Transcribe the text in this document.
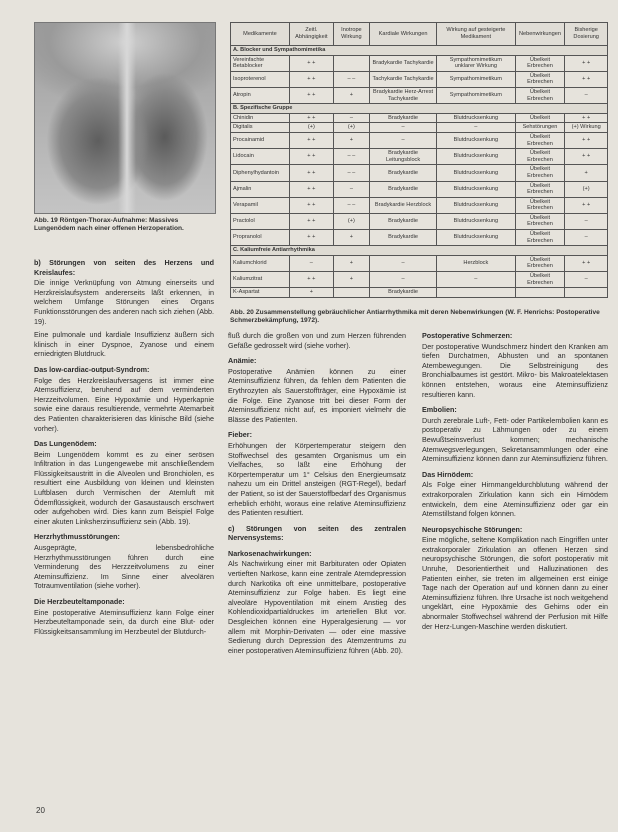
Abb. 19 Röntgen-Thorax-Aufnahme: Massives Lungenödem nach einer offenen Herzoperation.
Medikamente	Zeitl. Abhängigkeit	Inotrope Wirkung	Kardiale Wirkungen	Wirkung auf gesteigerte Medikament	Nebenwirkungen	Bisherige Dosierung
A. Blocker und Sympathomimetika						
Vereinfachte Betablocker	+ +		Bradykardie Tachykardie	Sympathomimetikum unklarer Wirkung	Übelkeit Erbrechen	+ +
Isoproterenol	+ +	– –	Tachykardie Tachykardie	Sympathomimetikum	Übelkeit Erbrechen	+ +
Atropin	+ +	+	Bradykardie Herz-Arrest Tachykardie	Sympathomimetikum	Übelkeit Erbrechen	–
B. Spezifische Gruppe						
Chinidin	+ +	–	Bradykardie	Blutdrucksenkung	Übelkeit	+ +
Digitalis	(+)	(+)	–	–	Sehstörungen	(+) Wirkung
Procainamid	+ +	+	–	Blutdrucksenkung	Übelkeit Erbrechen	+ +
Lidocain	+ +	– –	Bradykardie Leitungsblock	Blutdrucksenkung	Übelkeit Erbrechen	+ +
Diphenylhydantoin	+ +	– –	Bradykardie	Blutdrucksenkung	Übelkeit Erbrechen	+
Ajmalin	+ +	–	Bradykardie	Blutdrucksenkung	Übelkeit Erbrechen	(+)
Verapamil	+ +	– –	Bradykardie Herzblock	Blutdrucksenkung	Übelkeit Erbrechen	+ +
Practolol	+ +	(+)	Bradykardie	Blutdrucksenkung	Übelkeit Erbrechen	–
Propranolol	+ +	+	Bradykardie	Blutdrucksenkung	Übelkeit Erbrechen	–
C. Kaliumfreie Antiarrhythmika						
Kaliumchlorid	–	+	–	Herzblock	Übelkeit Erbrechen	+ +
Kaliumzitrat	+ +	+	–	–	Übelkeit Erbrechen	–
K-Aspartat	+		Bradykardie			
Abb. 20 Zusammenstellung gebräuchlicher Antiarrhythmika mit deren Nebenwirkungen (W. F. Henrichs: Postoperative Schmerzbekämpfung, 1972).

b) Störungen von seiten des Herzens und Kreislaufes:

Die innige Verknüpfung von Atmung einerseits und Herzkreislaufsystem andererseits läßt erkennen, in welchem Umfange Störungen eines Organs Funktionsstörungen des anderen nach sich ziehen (Abb. 19).

Eine pulmonale und kardiale Insuffizienz äußern sich klinisch in einer Dyspnoe, Zyanose und einem erniedrigten Blutdruck.

Das low-cardiac-output-Syndrom:

Folge des Herzkreislaufversagens ist immer eine Atemsuffizienz, beruhend auf dem verminderten Herzzeitvolumen. Eine Hypoxämie und Hyperkapnie sowie eine daraus resultierende, vermehrte Atemarbeit des Patienten charakterisieren das klinische Bild (siehe vorher).

Das Lungenödem:

Beim Lungenödem kommt es zu einer serösen Infiltration in das Lungengewebe mit anschließendem Flüssigkeitsaustritt in die Alveolen und Bronchiolen, es resultiert eine Ausbildung von kleinen und kleinsten Luftblasen durch Vermischen der Atemluft mit Ödemflüssigkeit, wodurch der Gasaustausch erschwert oder aufgehoben wird. Dies kann zum Beispiel Folge einer akuten Linksherzinsuffizienz sein (Abb. 19).

Herzrhythmusstörungen:

Ausgeprägte, lebensbedrohliche Herzrhythmusstörungen führen durch eine Verminderung des Herzzeitvolumens zu einer Ateminsuffizienz. Im Sinne einer alveolären Totraumventilation (siehe vorher).

Die Herzbeuteltamponade:

Eine postoperative Ateminsuffizienz kann Folge einer Herzbeuteltamponade sein, da durch eine Blut- oder Flüssigkeitsansammlung im Herzbeutel der Blutdurch-

fluß durch die großen von und zum Herzen führenden Gefäße gedrosselt wird (siehe vorher).

Anämie:

Postoperative Anämien können zu einer Ateminsuffizienz führen, da fehlen dem Patienten die Erythrozyten als Sauerstoffträger, eine Hypoxämie ist die Folge. Eine Zyanose tritt bei dieser Form der Ateminsuffizienz nicht auf, es imponiert vielmehr die Blässe des Patienten.

Fieber:

Erhöhungen der Körpertemperatur steigern den Stoffwechsel des gesamten Organismus um ein Vielfaches, so läßt eine Erhöhung der Körpertemperatur um 1° Celsius den Energieumsatz nahezu um ein Drittel ansteigen (RGT-Regel), bedarf der Patient, so ist der Sauerstoffbedarf des Organismus erheblich erhöht, woraus eine relative Ateminsuffizienz des Patienten resultiert.

c) Störungen von seiten des zentralen Nervensystems:

Narkosenachwirkungen:

Als Nachwirkung einer mit Barbituraten oder Opiaten vertieften Narkose, kann eine zentrale Atemdepression durch Narkotika oft eine unmittelbare, postoperative Ateminsuffizienz zur Folge haben. Es liegt eine alveoläre Hypoventilation mit einem Anstieg des Kohlendioxidpartialdruckes im arteriellen Blut vor. Desgleichen können eine Hyperalgesierung — vor allem mit Morphin-Derivaten — oder eine massive Sedierung durch Depression des Atemzentrums zu einer postoperativen Ateminsuffizienz führen (Abb. 20).

Postoperative Schmerzen:

Der postoperative Wundschmerz hindert den Kranken am tiefen Durchatmen, Abhusten und an spontanen Atembewegungen. Die Selbstreinigung des Bronchialbaumes ist gestört. Mikro- bis Makroatelektasen können entstehen, woraus eine Ateminsuffizienz resultieren kann.

Embolien:

Durch zerebrale Luft-, Fett- oder Partikelembolien kann es postoperativ zu Lähmungen oder zu einem Bewußtseinsverlust kommen; mechanische Atemwegsverlegungen, Sekretansammlungen oder eine Ateminsuffizienz können dann zur Ateminsuffizienz führen.

Das Hirnödem:

Als Folge einer Hirnmangeldurchblutung während der extrakorporalen Zirkulation kann sich ein Hirnödem entwickeln, dem eine Ateminsuffizienz oder gar ein Atemstillstand folgen können.

Neuropsychische Störungen:

Eine mögliche, seltene Komplikation nach Eingriffen unter extrakorporaler Zirkulation an offenen Herzen sind neuropsychische Störungen, die sofort postoperativ mit Unruhe, Desorientiertheit und Halluzinationen des Patienten einher, sie treten im allgemeinen erst einige Tage nach der Operation auf und können dann zu einer Ateminsuffizienz führen. Ihre Ursache ist noch weitgehend ungeklärt, eine Hypoxämie des Gehirns oder ein abnormaler Stoffwechsel während der Perfusion mit Hilfe der Herz-Lungen-Maschine werden diskutiert.

20
